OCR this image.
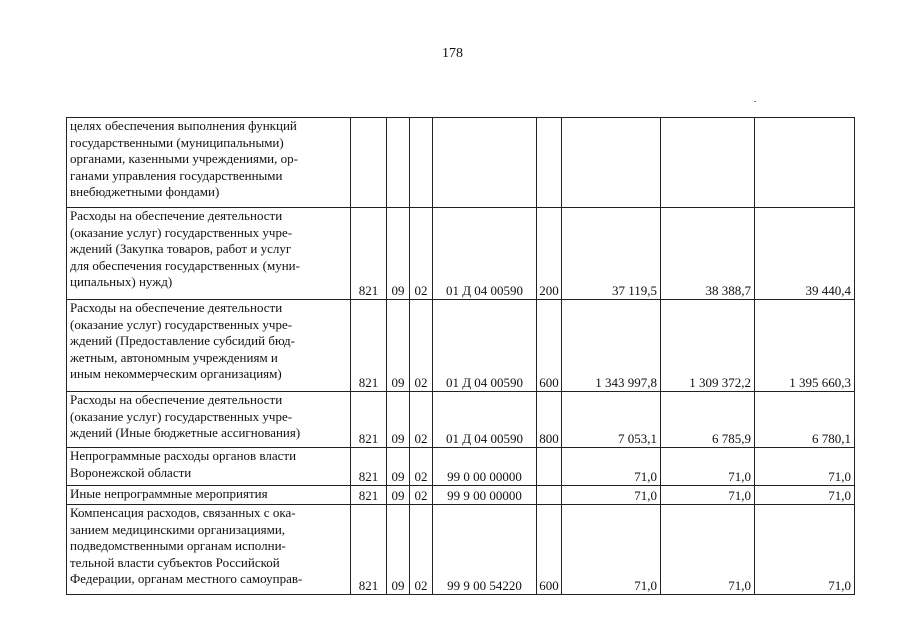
178
целях обеспечения выполнения функций
государственными (муниципальными)
органами, казенными учреждениями, ор-
ганами управления государственными
внебюджетными фондами)								
Расходы на обеспечение деятельности
(оказание услуг) государственных учре-
ждений (Закупка товаров, работ и услуг
для обеспечения государственных (муни-
ципальных) нужд)	821	09	02	01 Д 04 00590	200	37 119,5	38 388,7	39 440,4
Расходы на обеспечение деятельности
(оказание услуг) государственных учре-
ждений (Предоставление субсидий бюд-
жетным, автономным учреждениям и
иным некоммерческим организациям)	821	09	02	01 Д 04 00590	600	1 343 997,8	1 309 372,2	1 395 660,3
Расходы на обеспечение деятельности
(оказание услуг) государственных учре-
ждений (Иные бюджетные ассигнования)	821	09	02	01 Д 04 00590	800	7 053,1	6 785,9	6 780,1
Непрограммные расходы органов власти
Воронежской области	821	09	02	99 0 00 00000		71,0	71,0	71,0
Иные непрограммные мероприятия	821	09	02	99 9 00 00000		71,0	71,0	71,0
Компенсация расходов, связанных с ока-
занием медицинскими организациями,
подведомственными органам исполни-
тельной власти субъектов Российской
Федерации, органам местного самоуправ-	821	09	02	99 9 00 54220	600	71,0	71,0	71,0
